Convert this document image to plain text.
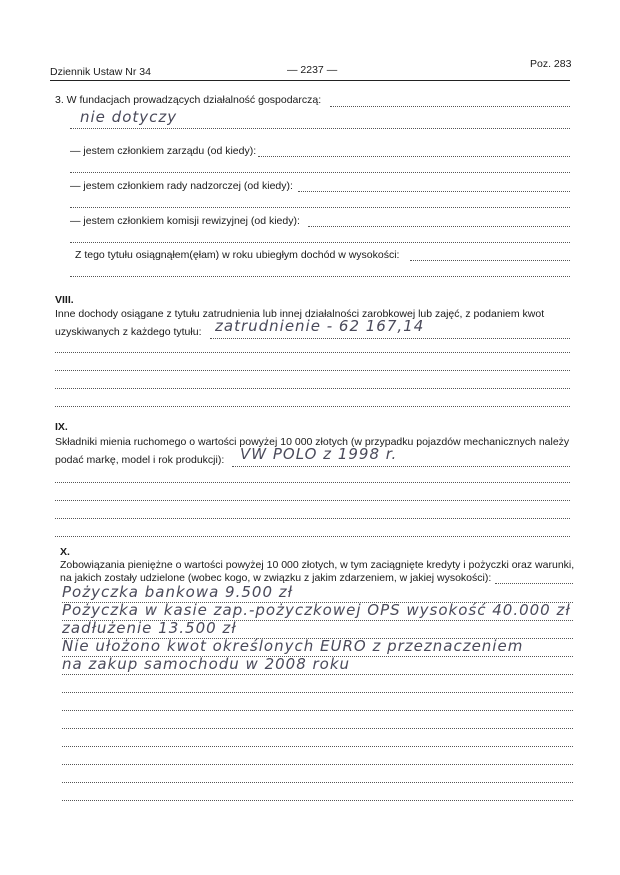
Dziennik Ustaw Nr 34	— 2237 —	Poz. 283
3. W fundacjach prowadzących działalność gospodarczą:
nie dotyczy
— jestem członkiem zarządu (od kiedy):
— jestem członkiem rady nadzorczej (od kiedy):
— jestem członkiem komisji rewizyjnej (od kiedy):
Z tego tytułu osiągnąłem(ęłam) w roku ubiegłym dochód w wysokości:
VIII.
Inne dochody osiągane z tytułu zatrudnienia lub innej działalności zarobkowej lub zajęć, z podaniem kwot
uzyskiwanych z każdego tytułu: zatrudnienie - 62 167,14
IX.
Składniki mienia ruchomego o wartości powyżej 10 000 złotych (w przypadku pojazdów mechanicznych należy
podać markę, model i rok produkcji): VW POLO z 1998 r.
X.
Zobowiązania pieniężne o wartości powyżej 10 000 złotych, w tym zaciągnięte kredyty i pożyczki oraz warunki,
na jakich zostały udzielone (wobec kogo, w związku z jakim zdarzeniem, w jakiej wysokości):
Pożyczka bankowa 9.500 zł
Pożyczka w kasie zap.-pożyczkowej OPS wysokość 40.000 zł
zadłużenie 13.500 zł
Nie ułożono kwot określonych EURO z przeznaczeniem
na zakup samochodu w 2008 roku
